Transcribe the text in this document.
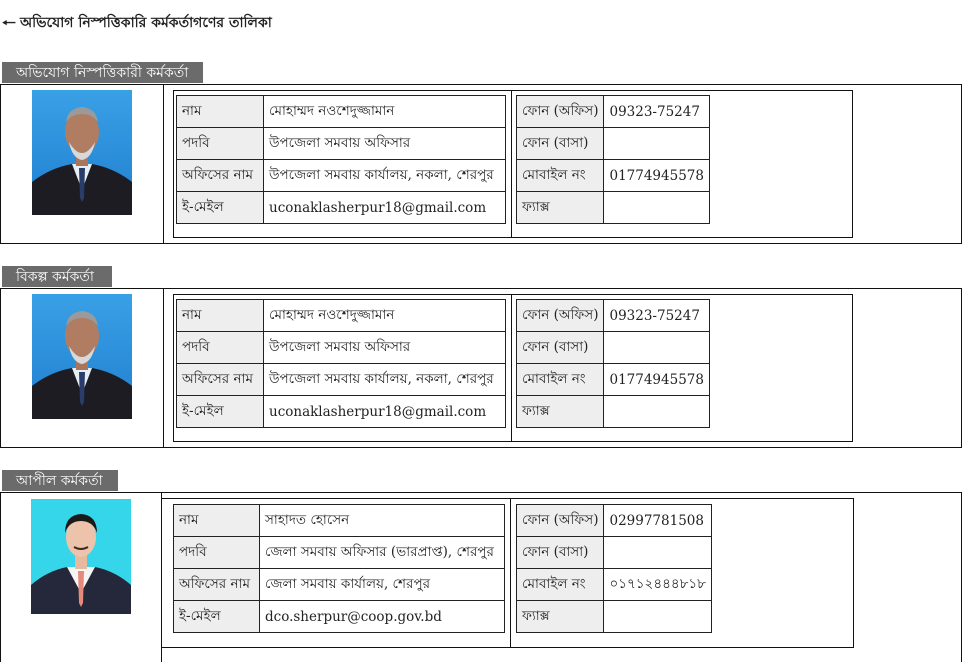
🠐 অভিযোগ নিস্পত্তিকারি কর্মকর্তাগণের তালিকা
অভিযোগ নিস্পত্তিকারী কর্মকর্তা
নাম	মোহাম্মদ নওশেদুজ্জামান
পদবি	উপজেলা সমবায় অফিসার
অফিসের নাম	উপজেলা সমবায় কার্যালয়, নকলা, শেরপুর
ই-মেইল	uconaklasherpur18@gmail.com
ফোন (অফিস)	09323-75247
ফোন (বাসা)	
মোবাইল নং	01774945578
ফ্যাক্স	
বিকল্প কর্মকর্তা
নাম	মোহাম্মদ নওশেদুজ্জামান
পদবি	উপজেলা সমবায় অফিসার
অফিসের নাম	উপজেলা সমবায় কার্যালয়, নকলা, শেরপুর
ই-মেইল	uconaklasherpur18@gmail.com
ফোন (অফিস)	09323-75247
ফোন (বাসা)	
মোবাইল নং	01774945578
ফ্যাক্স	
আপীল কর্মকর্তা
নাম	সাহাদত হোসেন
পদবি	জেলা সমবায় অফিসার (ভারপ্রাপ্ত), শেরপুর
অফিসের নাম	জেলা সমবায় কার্যালয়, শেরপুর
ই-মেইল	dco.sherpur@coop.gov.bd
ফোন (অফিস)	02997781508
ফোন (বাসা)	
মোবাইল নং	০১৭১২৪৪৪৮১৮
ফ্যাক্স	
